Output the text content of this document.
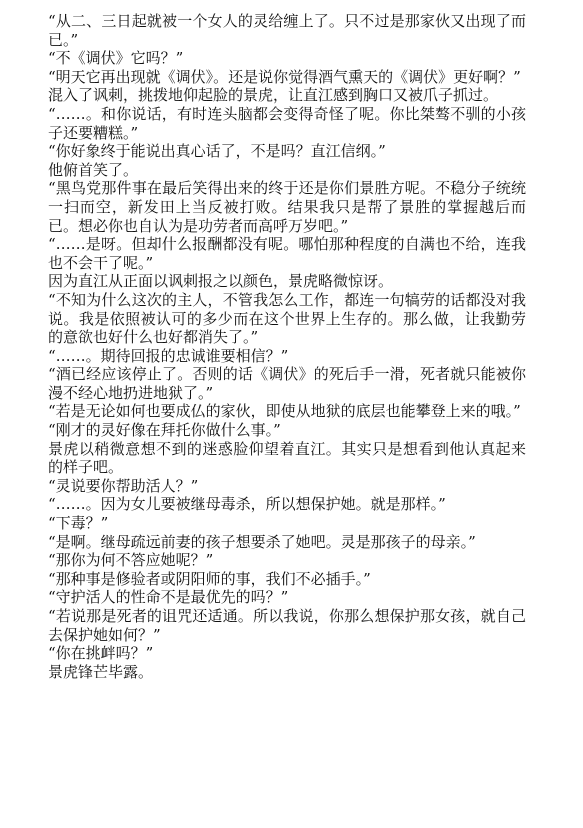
“从二、三日起就被一个女人的灵给缠上了。只不过是那家伙又出现了而已。”

“不《调伏》它吗？”

“明天它再出现就《调伏》。还是说你觉得酒气熏天的《调伏》更好啊？”

混入了讽刺，挑拨地仰起脸的景虎，让直江感到胸口又被爪子抓过。

“……。和你说话，有时连头脑都会变得奇怪了呢。你比桀骜不驯的小孩子还要糟糕。”

“你好象终于能说出真心话了，不是吗？直江信纲。”

他俯首笑了。

“黑鸟党那件事在最后笑得出来的终于还是你们景胜方呢。不稳分子统统一扫而空，新发田上当反被打败。结果我只是帮了景胜的掌握越后而已。想必你也自认为是功劳者而高呼万岁吧。”

“……是呀。但却什么报酬都没有呢。哪怕那种程度的自满也不给，连我也不会干了呢。”

因为直江从正面以讽刺报之以颜色，景虎略微惊讶。

“不知为什么这次的主人，不管我怎么工作，都连一句犒劳的话都没对我说。我是依照被认可的多少而在这个世界上生存的。那么做，让我勤劳的意欲也好什么也好都消失了。”

“……。期待回报的忠诚谁要相信？”

“酒已经应该停止了。否则的话《调伏》的死后手一滑，死者就只能被你漫不经心地扔进地狱了。”

“若是无论如何也要成仏的家伙，即使从地狱的底层也能攀登上来的哦。”

“刚才的灵好像在拜托你做什么事。”

景虎以稍微意想不到的迷惑脸仰望着直江。其实只是想看到他认真起来的样子吧。

“灵说要你帮助活人？”

“……。因为女儿要被继母毒杀，所以想保护她。就是那样。”

“下毒？”

“是啊。继母疏远前妻的孩子想要杀了她吧。灵是那孩子的母亲。”

“那你为何不答应她呢？”

“那种事是修验者或阴阳师的事，我们不必插手。”

“守护活人的性命不是最优先的吗？”

“若说那是死者的诅咒还适通。所以我说，你那么想保护那女孩，就自己去保护她如何？”

“你在挑衅吗？”

景虎锋芒毕露。
